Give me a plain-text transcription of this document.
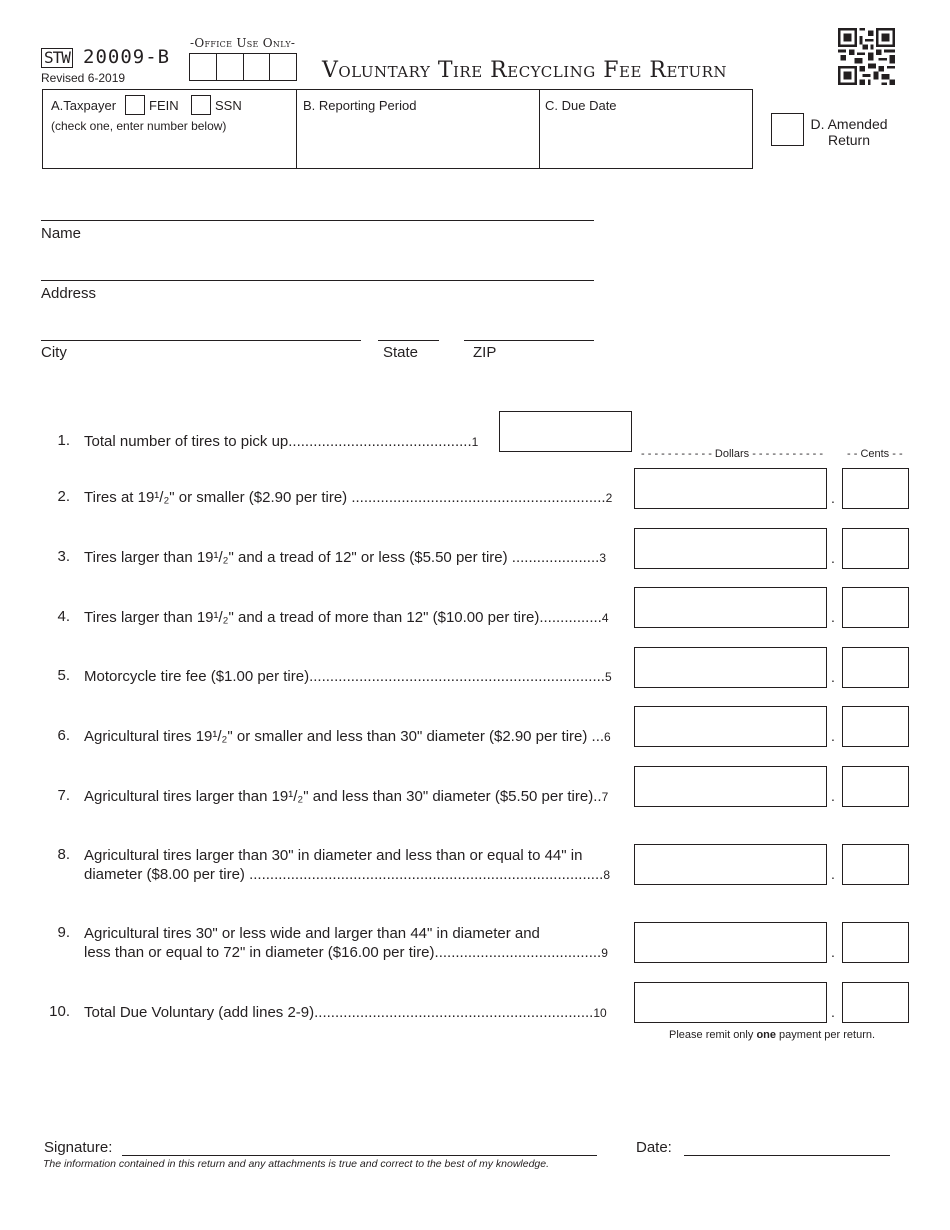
STW 20009-B
Revised 6-2019
-Office Use Only-
Voluntary Tire Recycling Fee Return
A.Taxpayer	FEIN	SSN
(check one, enter number below)
B. Reporting Period	C. Due Date
D. Amended
Return
Name
Address
City	State	ZIP
1. Total number of tires to pick up............................................1
- - - - - - - - - - - Dollars - - - - - - - - - - - - - Cents - -
2. Tires at 19¹/₂" or smaller ($2.90 per tire) .............................................................2	.
3. Tires larger than 19¹/₂" and a tread of 12" or less ($5.50 per tire) .....................3	.
4. Tires larger than 19¹/₂" and a tread of more than 12" ($10.00 per tire)...............4	.
5. Motorcycle tire fee ($1.00 per tire).......................................................................5	.
6. Agricultural tires 19¹/₂" or smaller and less than 30" diameter ($2.90 per tire) ...6	.
7. Agricultural tires larger than 19¹/₂" and less than 30" diameter ($5.50 per tire)..7	.
8. Agricultural tires larger than 30" in diameter and less than or equal to 44" in
diameter ($8.00 per tire) .....................................................................................8	.
9. Agricultural tires 30" or less wide and larger than 44" in diameter and
less than or equal to 72" in diameter ($16.00 per tire)........................................9	.
10. Total Due Voluntary (add lines 2-9)...................................................................10	.
Please remit only one payment per return.
Signature:	Date:
The information contained in this return and any attachments is true and correct to the best of my knowledge.
